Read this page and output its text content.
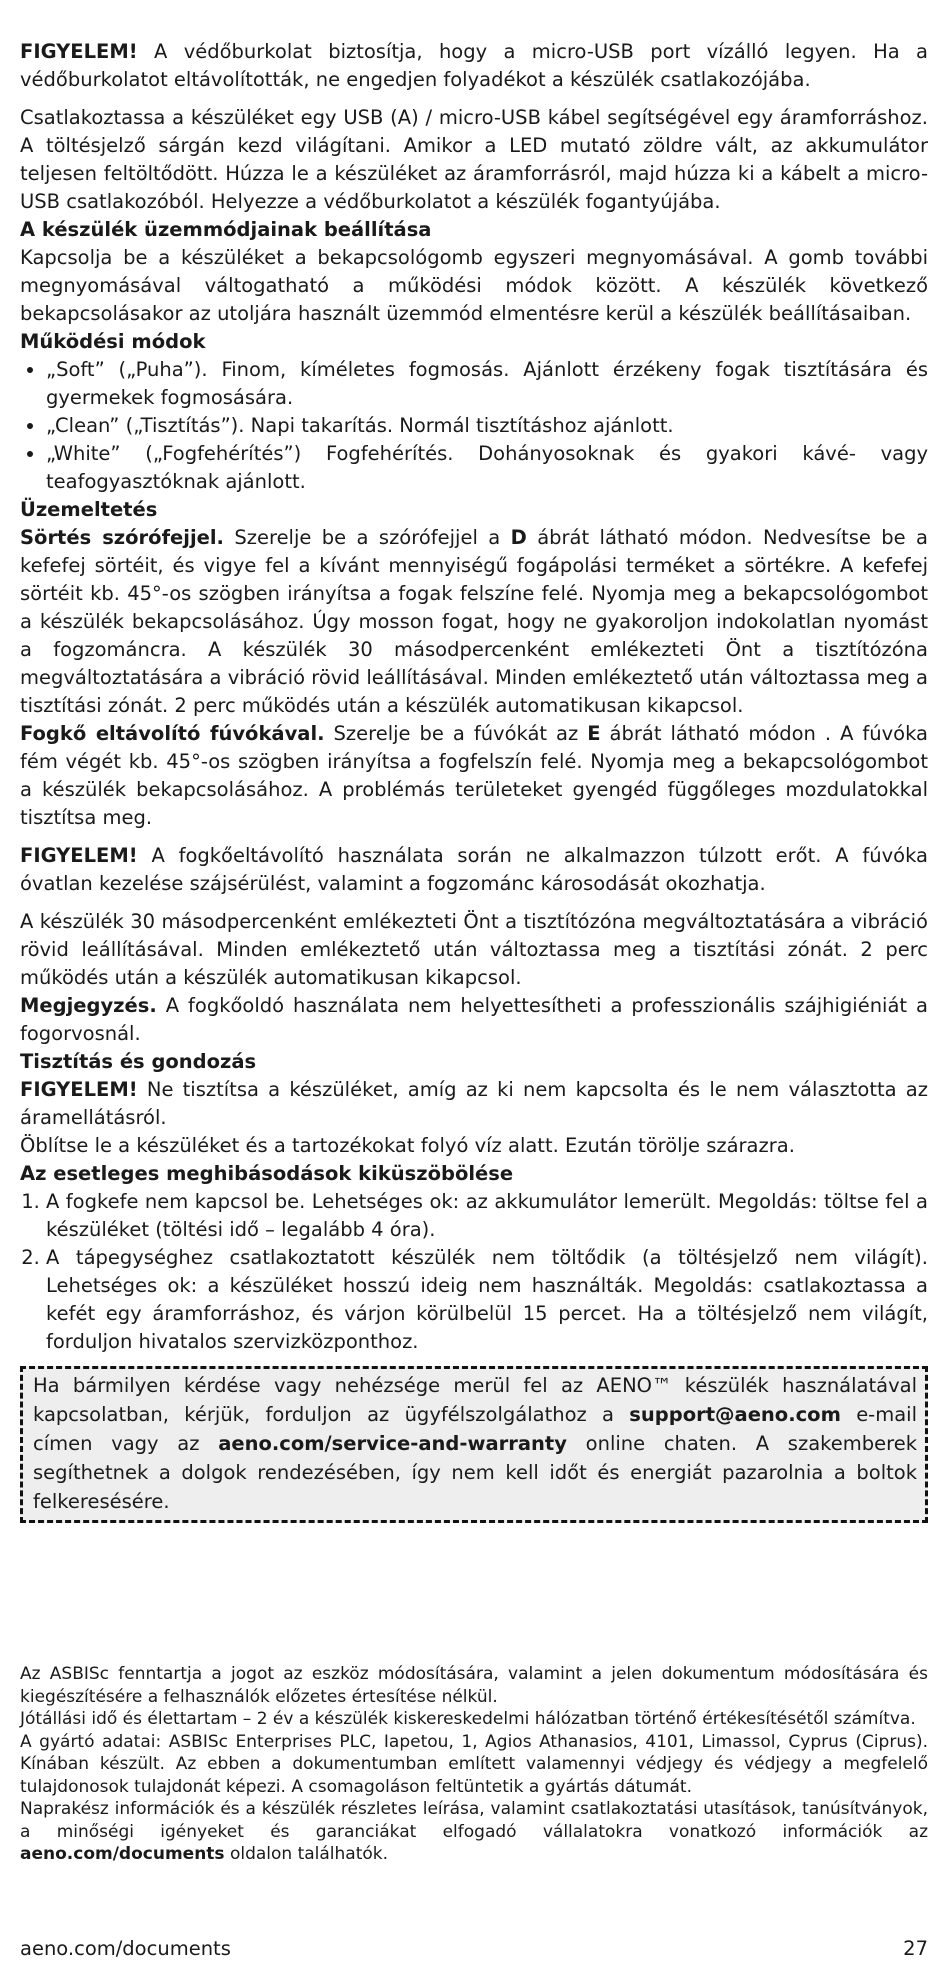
FIGYELEM! A védőburkolat biztosítja, hogy a micro-USB port vízálló legyen. Ha a védőburkolatot eltávolították, ne engedjen folyadékot a készülék csatlakozójába.

Csatlakoztassa a készüléket egy USB (A) / micro-USB kábel segítségével egy áramforráshoz. A töltésjelző sárgán kezd világítani. Amikor a LED mutató zöldre vált, az akkumulátor teljesen feltöltődött. Húzza le a készüléket az áramforrásról, majd húzza ki a kábelt a micro-USB csatlakozóból. Helyezze a védőburkolatot a készülék fogantyújába.

A készülék üzemmódjainak beállítása

Kapcsolja be a készüléket a bekapcsológomb egyszeri megnyomásával. A gomb további megnyomásával váltogatható a működési módok között. A készülék következő bekapcsolásakor az utoljára használt üzemmód elmentésre kerül a készülék beállításaiban.

Működési módok

• „Soft” („Puha”). Finom, kíméletes fogmosás. Ajánlott érzékeny fogak tisztítására és gyermekek fogmosására.
• „Clean” („Tisztítás”). Napi takarítás. Normál tisztításhoz ajánlott.
• „White” („Fogfehérítés”) Fogfehérítés. Dohányosoknak és gyakori kávé- vagy teafogyasztóknak ajánlott.

Üzemeltetés

Sörtés szórófejjel. Szerelje be a szórófejjel a D ábrát látható módon. Nedvesítse be a kefefej sörtéit, és vigye fel a kívánt mennyiségű fogápolási terméket a sörtékre. A kefefej sörtéit kb. 45°-os szögben irányítsa a fogak felszíne felé. Nyomja meg a bekapcsológombot a készülék bekapcsolásához. Úgy mosson fogat, hogy ne gyakoroljon indokolatlan nyomást a fogzománcra. A készülék 30 másodpercenként emlékezteti Önt a tisztítózóna megváltoztatására a vibráció rövid leállításával. Minden emlékeztető után változtassa meg a tisztítási zónát. 2 perc működés után a készülék automatikusan kikapcsol.

Fogkő eltávolító fúvókával. Szerelje be a fúvókát az E ábrát látható módon . A fúvóka fém végét kb. 45°-os szögben irányítsa a fogfelszín felé. Nyomja meg a bekapcsológombot a készülék bekapcsolásához. A problémás területeket gyengéd függőleges mozdulatokkal tisztítsa meg.

FIGYELEM! A fogkőeltávolító használata során ne alkalmazzon túlzott erőt. A fúvóka óvatlan kezelése szájsérülést, valamint a fogzománc károsodását okozhatja.

A készülék 30 másodpercenként emlékezteti Önt a tisztítózóna megváltoztatására a vibráció rövid leállításával. Minden emlékeztető után változtassa meg a tisztítási zónát. 2 perc működés után a készülék automatikusan kikapcsol.

Megjegyzés. A fogkőoldó használata nem helyettesítheti a professzionális szájhigiéniát a fogorvosnál.

Tisztítás és gondozás

FIGYELEM! Ne tisztítsa a készüléket, amíg az ki nem kapcsolta és le nem választotta az áramellátásról.

Öblítse le a készüléket és a tartozékokat folyó víz alatt. Ezután törölje szárazra.

Az esetleges meghibásodások kiküszöbölése

1. A fogkefe nem kapcsol be. Lehetséges ok: az akkumulátor lemerült. Megoldás: töltse fel a készüléket (töltési idő – legalább 4 óra).
2. A tápegységhez csatlakoztatott készülék nem töltődik (a töltésjelző nem világít). Lehetséges ok: a készüléket hosszú ideig nem használták. Megoldás: csatlakoztassa a kefét egy áramforráshoz, és várjon körülbelül 15 percet. Ha a töltésjelző nem világít, forduljon hivatalos szervizközponthoz.

Ha bármilyen kérdése vagy nehézsége merül fel az AENO™ készülék használatával kapcsolatban, kérjük, forduljon az ügyfélszolgálathoz a support@aeno.com e-mail címen vagy az aeno.com/service-and-warranty online chaten. A szakemberek segíthetnek a dolgok rendezésében, így nem kell időt és energiát pazarolnia a boltok felkeresésére.

Az ASBISc fenntartja a jogot az eszköz módosítására, valamint a jelen dokumentum módosítására és kiegészítésére a felhasználók előzetes értesítése nélkül.

Jótállási idő és élettartam – 2 év a készülék kiskereskedelmi hálózatban történő értékesítésétől számítva.

A gyártó adatai: ASBISc Enterprises PLC, Iapetou, 1, Agios Athanasios, 4101, Limassol, Cyprus (Ciprus). Kínában készült. Az ebben a dokumentumban említett valamennyi védjegy és védjegy a megfelelő tulajdonosok tulajdonát képezi. A csomagoláson feltüntetik a gyártás dátumát.

Naprakész információk és a készülék részletes leírása, valamint csatlakoztatási utasítások, tanúsítványok, a minőségi igényeket és garanciákat elfogadó vállalatokra vonatkozó információk az aeno.com/documents oldalon találhatók.

aeno.com/documents	27
